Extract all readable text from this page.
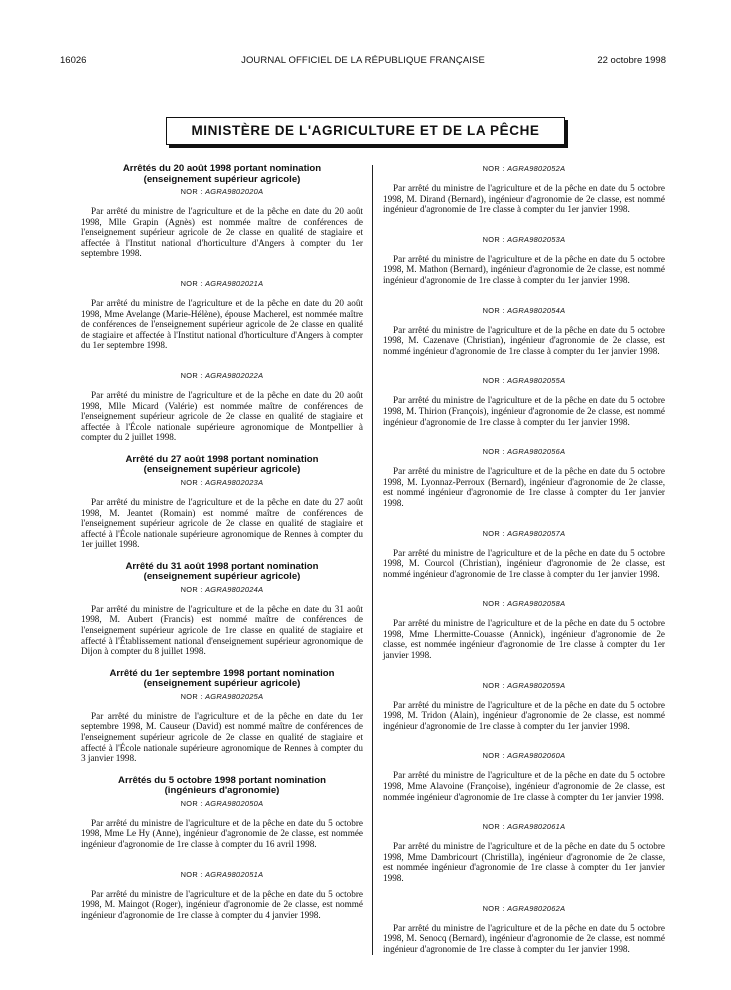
16026	JOURNAL OFFICIEL DE LA RÉPUBLIQUE FRANÇAISE	22 octobre 1998
MINISTÈRE DE L'AGRICULTURE ET DE LA PÊCHE

Arrêtés du 20 août 1998 portant nomination
(enseignement supérieur agricole)

NOR : AGRA9802020A

Par arrêté du ministre de l'agriculture et de la pêche en date du 20 août 1998, Mlle Grapin (Agnès) est nommée maître de conférences de l'enseignement supérieur agricole de 2e classe en qualité de stagiaire et affectée à l'Institut national d'horticulture d'Angers à compter du 1er septembre 1998.

NOR : AGRA9802021A

Par arrêté du ministre de l'agriculture et de la pêche en date du 20 août 1998, Mme Avelange (Marie-Hélène), épouse Macherel, est nommée maître de conférences de l'enseignement supérieur agricole de 2e classe en qualité de stagiaire et affectée à l'Institut national d'horticulture d'Angers à compter du 1er septembre 1998.

NOR : AGRA9802022A

Par arrêté du ministre de l'agriculture et de la pêche en date du 20 août 1998, Mlle Micard (Valérie) est nommée maître de conférences de l'enseignement supérieur agricole de 2e classe en qualité de stagiaire et affectée à l'École nationale supérieure agronomique de Montpellier à compter du 2 juillet 1998.

Arrêté du 27 août 1998 portant nomination
(enseignement supérieur agricole)

NOR : AGRA9802023A

Par arrêté du ministre de l'agriculture et de la pêche en date du 27 août 1998, M. Jeantet (Romain) est nommé maître de conférences de l'enseignement supérieur agricole de 2e classe en qualité de stagiaire et affecté à l'École nationale supérieure agronomique de Rennes à compter du 1er juillet 1998.

Arrêté du 31 août 1998 portant nomination
(enseignement supérieur agricole)

NOR : AGRA9802024A

Par arrêté du ministre de l'agriculture et de la pêche en date du 31 août 1998, M. Aubert (Francis) est nommé maître de conférences de l'enseignement supérieur agricole de 1re classe en qualité de stagiaire et affecté à l'Établissement national d'enseignement supérieur agronomique de Dijon à compter du 8 juillet 1998.

Arrêté du 1er septembre 1998 portant nomination
(enseignement supérieur agricole)

NOR : AGRA9802025A

Par arrêté du ministre de l'agriculture et de la pêche en date du 1er septembre 1998, M. Causeur (David) est nommé maître de conférences de l'enseignement supérieur agricole de 2e classe en qualité de stagiaire et affecté à l'École nationale supérieure agronomique de Rennes à compter du 3 janvier 1998.

Arrêtés du 5 octobre 1998 portant nomination
(ingénieurs d'agronomie)

NOR : AGRA9802050A

Par arrêté du ministre de l'agriculture et de la pêche en date du 5 octobre 1998, Mme Le Hy (Anne), ingénieur d'agronomie de 2e classe, est nommée ingénieur d'agronomie de 1re classe à compter du 16 avril 1998.

NOR : AGRA9802051A

Par arrêté du ministre de l'agriculture et de la pêche en date du 5 octobre 1998, M. Maingot (Roger), ingénieur d'agronomie de 2e classe, est nommé ingénieur d'agronomie de 1re classe à compter du 4 janvier 1998.

NOR : AGRA9802052A

Par arrêté du ministre de l'agriculture et de la pêche en date du 5 octobre 1998, M. Dirand (Bernard), ingénieur d'agronomie de 2e classe, est nommé ingénieur d'agronomie de 1re classe à compter du 1er janvier 1998.

NOR : AGRA9802053A

Par arrêté du ministre de l'agriculture et de la pêche en date du 5 octobre 1998, M. Mathon (Bernard), ingénieur d'agronomie de 2e classe, est nommé ingénieur d'agronomie de 1re classe à compter du 1er janvier 1998.

NOR : AGRA9802054A

Par arrêté du ministre de l'agriculture et de la pêche en date du 5 octobre 1998, M. Cazenave (Christian), ingénieur d'agronomie de 2e classe, est nommé ingénieur d'agronomie de 1re classe à compter du 1er janvier 1998.

NOR : AGRA9802055A

Par arrêté du ministre de l'agriculture et de la pêche en date du 5 octobre 1998, M. Thirion (François), ingénieur d'agronomie de 2e classe, est nommé ingénieur d'agronomie de 1re classe à compter du 1er janvier 1998.

NOR : AGRA9802056A

Par arrêté du ministre de l'agriculture et de la pêche en date du 5 octobre 1998, M. Lyonnaz-Perroux (Bernard), ingénieur d'agronomie de 2e classe, est nommé ingénieur d'agronomie de 1re classe à compter du 1er janvier 1998.

NOR : AGRA9802057A

Par arrêté du ministre de l'agriculture et de la pêche en date du 5 octobre 1998, M. Courcol (Christian), ingénieur d'agronomie de 2e classe, est nommé ingénieur d'agronomie de 1re classe à compter du 1er janvier 1998.

NOR : AGRA9802058A

Par arrêté du ministre de l'agriculture et de la pêche en date du 5 octobre 1998, Mme Lhermitte-Couasse (Annick), ingénieur d'agronomie de 2e classe, est nommée ingénieur d'agronomie de 1re classe à compter du 1er janvier 1998.

NOR : AGRA9802059A

Par arrêté du ministre de l'agriculture et de la pêche en date du 5 octobre 1998, M. Tridon (Alain), ingénieur d'agronomie de 2e classe, est nommé ingénieur d'agronomie de 1re classe à compter du 1er janvier 1998.

NOR : AGRA9802060A

Par arrêté du ministre de l'agriculture et de la pêche en date du 5 octobre 1998, Mme Alavoine (Françoise), ingénieur d'agronomie de 2e classe, est nommée ingénieur d'agronomie de 1re classe à compter du 1er janvier 1998.

NOR : AGRA9802061A

Par arrêté du ministre de l'agriculture et de la pêche en date du 5 octobre 1998, Mme Dambricourt (Christilla), ingénieur d'agronomie de 2e classe, est nommée ingénieur d'agronomie de 1re classe à compter du 1er janvier 1998.

NOR : AGRA9802062A

Par arrêté du ministre de l'agriculture et de la pêche en date du 5 octobre 1998, M. Senocq (Bernard), ingénieur d'agronomie de 2e classe, est nommé ingénieur d'agronomie de 1re classe à compter du 1er janvier 1998.
